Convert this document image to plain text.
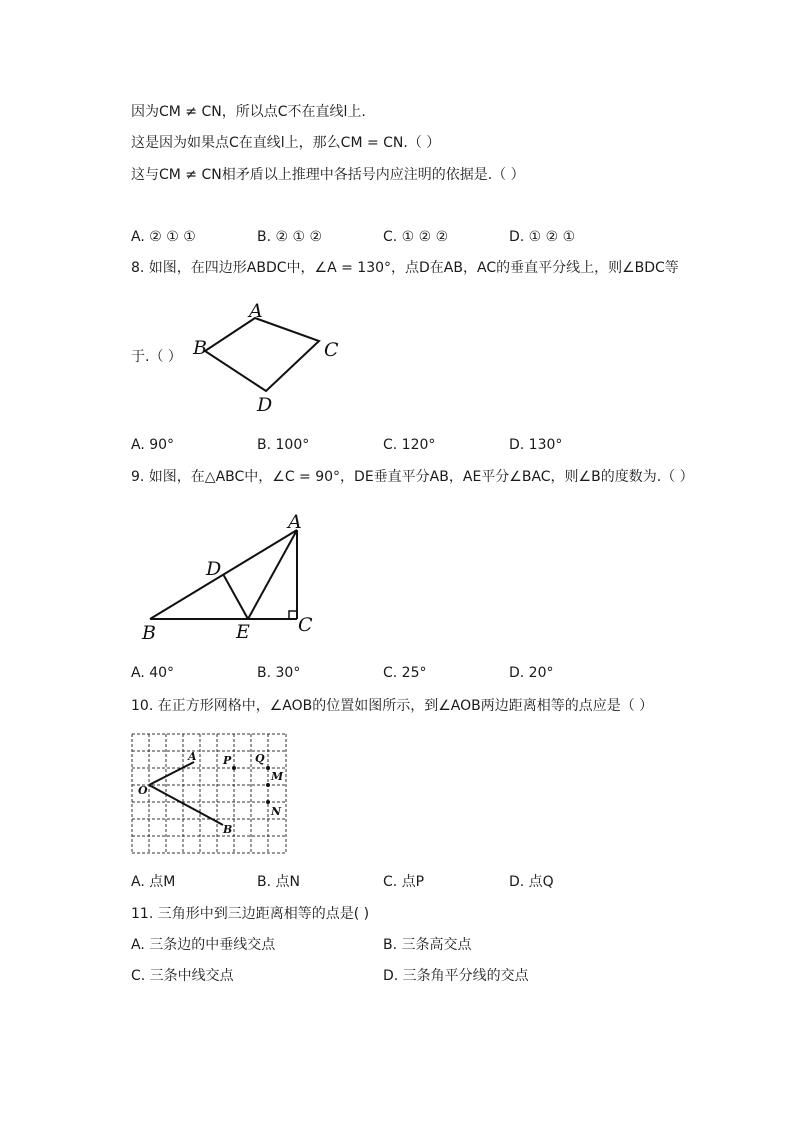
因为CM ≠ CN，所以点C不在直线l上.
这是因为如果点C在直线l上，那么CM = CN.（ ）
这与CM ≠ CN相矛盾以上推理中各括号内应注明的依据是.（ ）
A. ② ① ①	B. ② ① ②	C. ① ② ②	D. ① ② ①
8. 如图，在四边形ABDC中，∠A = 130°，点D在AB，AC的垂直平分线上，则∠BDC等
于.（ ）
A
B	C
D
A. 90°	B. 100°	C. 120°	D. 130°
9. 如图，在△ABC中，∠C = 90°，DE垂直平分AB，AE平分∠BAC，则∠B的度数为.（ ）
A
B	C
D
E
A. 40°	B. 30°	C. 25°	D. 20°
10. 在正方形网格中，∠AOB的位置如图所示，到∠AOB两边距离相等的点应是（ ）
O
A
B
P Q
M
N
A. 点M	B. 点N	C. 点P	D. 点Q
11. 三角形中到三边距离相等的点是( )
A. 三条边的中垂线交点	B. 三条高交点
C. 三条中线交点	D. 三条角平分线的交点
